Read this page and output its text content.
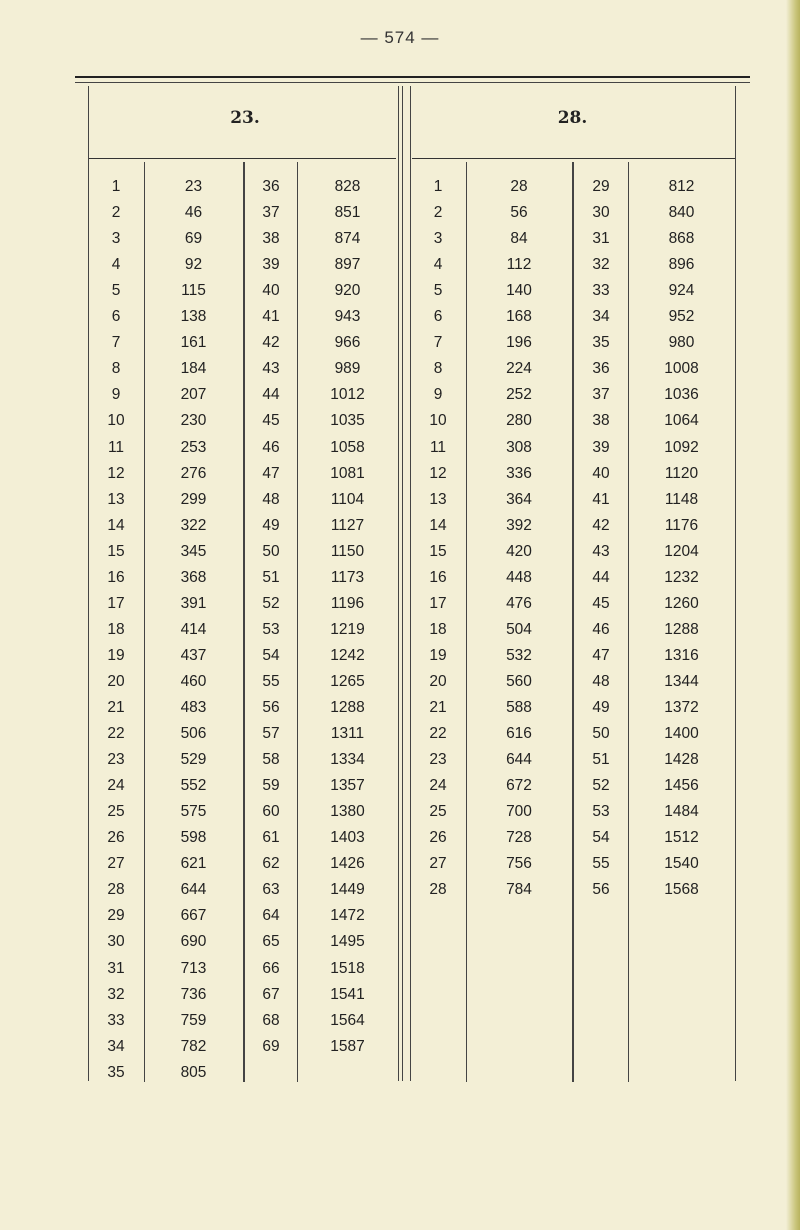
— 574 —
23.	28.
1	23	36	828
2	46	37	851
3	69	38	874
4	92	39	897
5	115	40	920
6	138	41	943
7	161	42	966
8	184	43	989
9	207	44	1012
10	230	45	1035
11	253	46	1058
12	276	47	1081
13	299	48	1104
14	322	49	1127
15	345	50	1150
16	368	51	1173
17	391	52	1196
18	414	53	1219
19	437	54	1242
20	460	55	1265
21	483	56	1288
22	506	57	1311
23	529	58	1334
24	552	59	1357
25	575	60	1380
26	598	61	1403
27	621	62	1426
28	644	63	1449
29	667	64	1472
30	690	65	1495
31	713	66	1518
32	736	67	1541
33	759	68	1564
34	782	69	1587
35	805
1	28	29	812
2	56	30	840
3	84	31	868
4	112	32	896
5	140	33	924
6	168	34	952
7	196	35	980
8	224	36	1008
9	252	37	1036
10	280	38	1064
11	308	39	1092
12	336	40	1120
13	364	41	1148
14	392	42	1176
15	420	43	1204
16	448	44	1232
17	476	45	1260
18	504	46	1288
19	532	47	1316
20	560	48	1344
21	588	49	1372
22	616	50	1400
23	644	51	1428
24	672	52	1456
25	700	53	1484
26	728	54	1512
27	756	55	1540
28	784	56	1568
